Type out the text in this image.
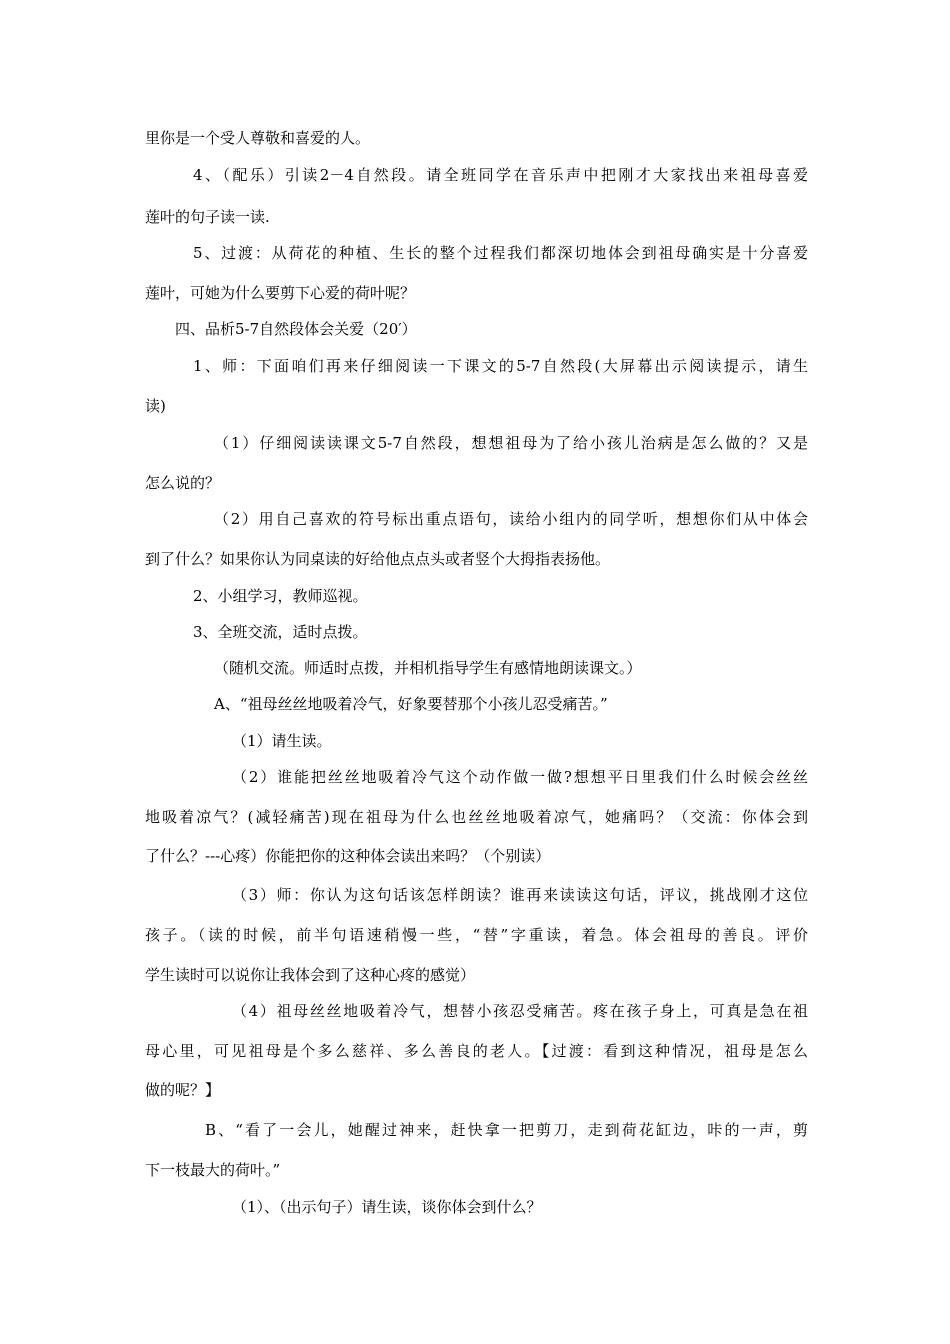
里你是一个受人尊敬和喜爱的人。
4、（配乐）引读2－4自然段。请全班同学在音乐声中把刚才大家找出来祖母喜爱
莲叶的句子读一读.
5、过渡：从荷花的种植、生长的整个过程我们都深切地体会到祖母确实是十分喜爱
莲叶，可她为什么要剪下心爱的荷叶呢？
四、品析5-7自然段体会关爱（20′）
1、师：下面咱们再来仔细阅读一下课文的5-7自然段(大屏幕出示阅读提示，请生
读)
（1）仔细阅读读课文5-7自然段，想想祖母为了给小孩儿治病是怎么做的？又是
怎么说的？
（2）用自己喜欢的符号标出重点语句，读给小组内的同学听，想想你们从中体会
到了什么？如果你认为同桌读的好给他点点头或者竖个大拇指表扬他。
2、小组学习，教师巡视。
3、全班交流，适时点拨。
（随机交流。师适时点拨，并相机指导学生有感情地朗读课文。）
A、“祖母丝丝地吸着冷气，好象要替那个小孩儿忍受痛苦。”
（1）请生读。
（2）谁能把丝丝地吸着冷气这个动作做一做?想想平日里我们什么时候会丝丝
地吸着凉气？(减轻痛苦)现在祖母为什么也丝丝地吸着凉气，她痛吗？（交流：你体会到
了什么？---心疼）你能把你的这种体会读出来吗？（个别读）
（3）师：你认为这句话该怎样朗读？谁再来读读这句话，评议，挑战刚才这位
孩子。（读的时候，前半句语速稍慢一些，“替”字重读，着急。体会祖母的善良。评价
学生读时可以说你让我体会到了这种心疼的感觉）
（4）祖母丝丝地吸着冷气，想替小孩忍受痛苦。疼在孩子身上，可真是急在祖
母心里，可见祖母是个多么慈祥、多么善良的老人。【过渡：看到这种情况，祖母是怎么
做的呢？】
B、“看了一会儿，她醒过神来，赶快拿一把剪刀，走到荷花缸边，咔的一声，剪
下一枝最大的荷叶。”
（1）、（出示句子）请生读，谈你体会到什么？
